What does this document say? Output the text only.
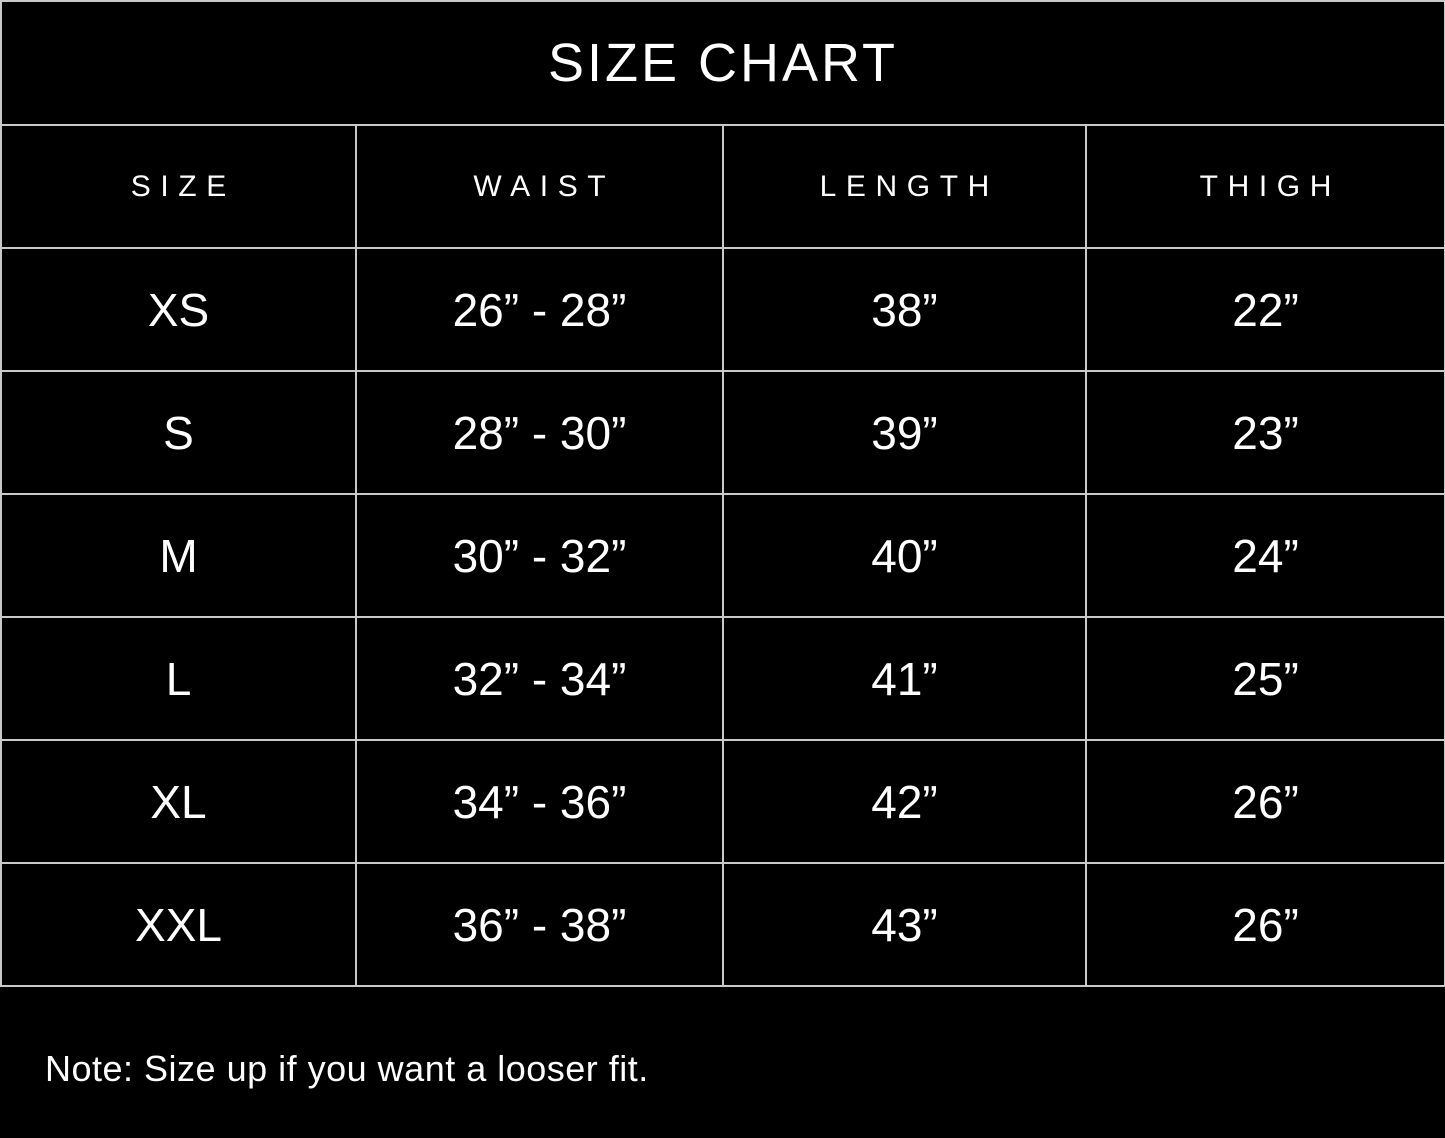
SIZE CHART			
SIZE	WAIST	LENGTH	THIGH
XS	26” - 28”	38”	22”
S	28” - 30”	39”	23”
M	30” - 32”	40”	24”
L	32” - 34”	41”	25”
XL	34” - 36”	42”	26”
XXL	36” - 38”	43”	26”

Note: Size up if you want a looser fit.
